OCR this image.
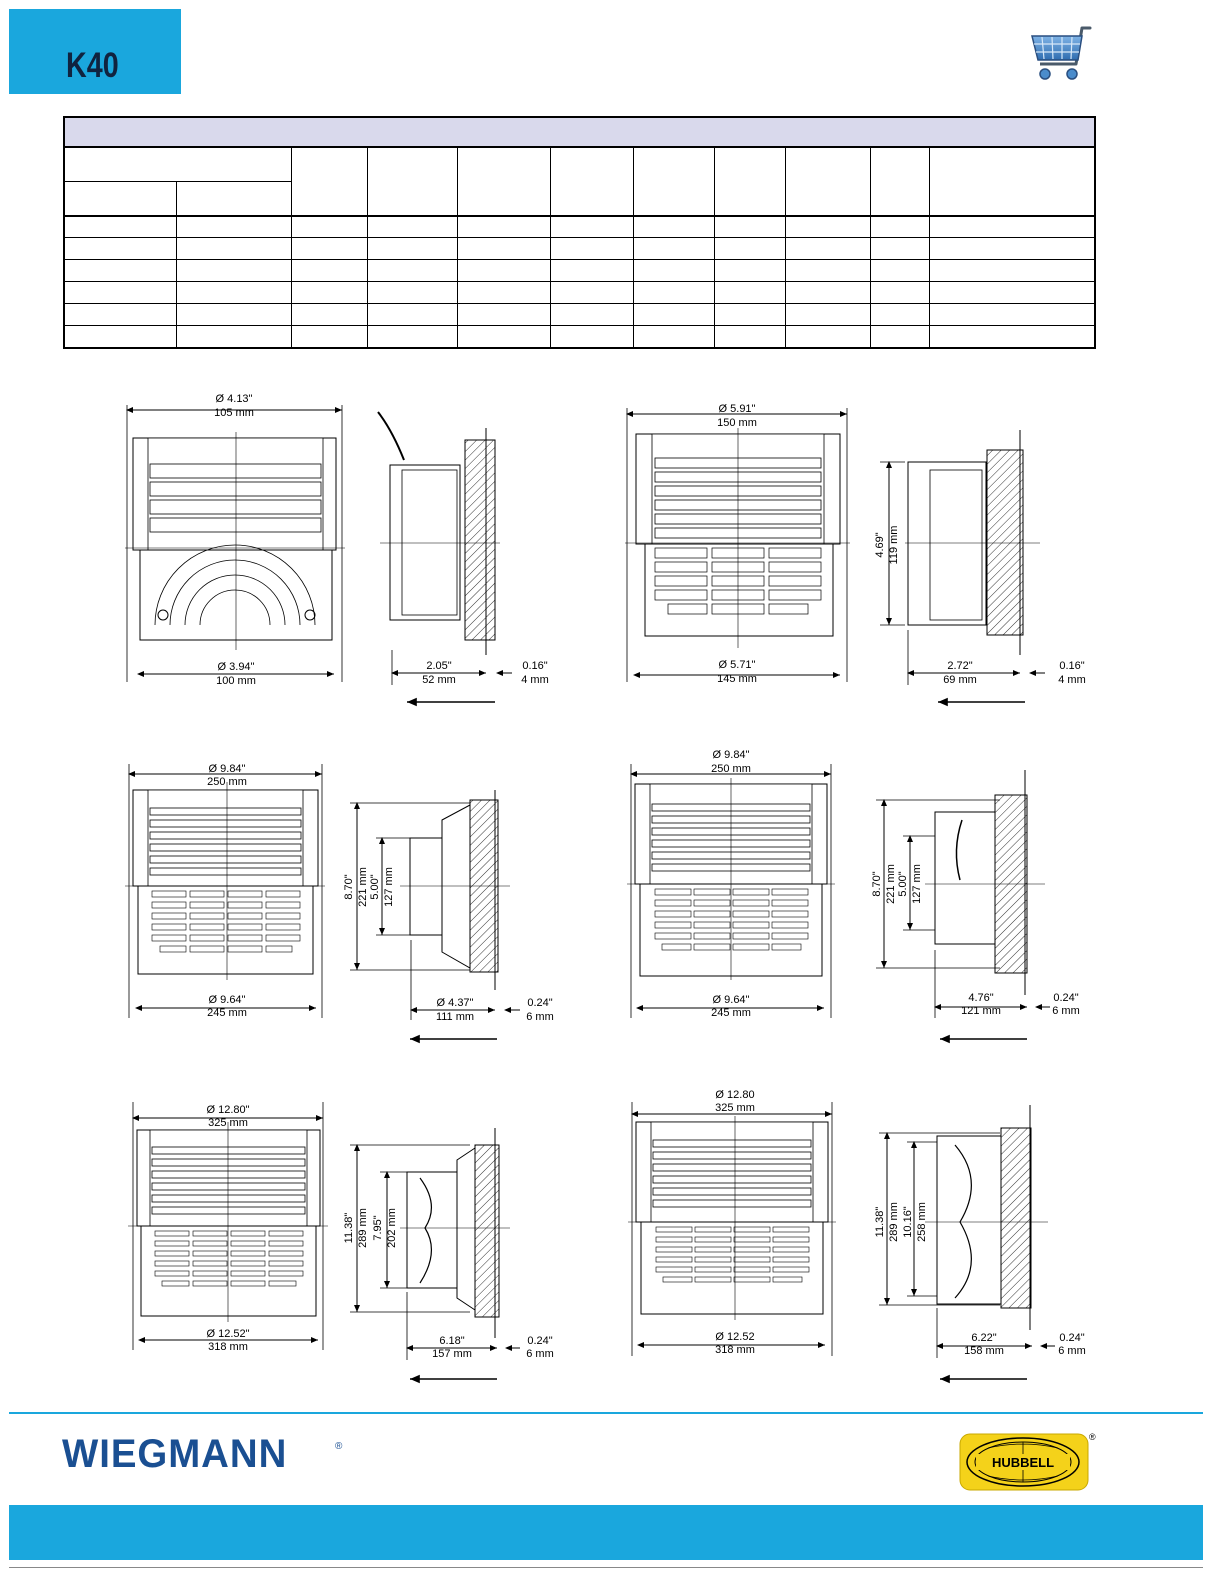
K40
Ø 4.13"
105 mm
Ø 3.94"
100 mm
2.05"
52 mm
0.16"
4 mm
Ø 5.91"
150 mm
Ø 5.71"
145 mm
4.69" 119 mm
2.72"
69 mm
0.16"
4 mm
Ø 9.84"
250 mm
Ø 9.64"
245 mm
8.70" 221 mm 5.00" 127 mm
Ø 4.37"
111 mm
0.24"
6 mm
Ø 9.84"
250 mm
Ø 9.64"
245 mm
8.70" 221 mm 5.00" 127 mm
4.76"
121 mm
0.24"
6 mm
Ø 12.80"
325 mm
Ø 12.52"
318 mm
11.38" 289 mm 7.95" 202 mm
6.18"
157 mm
0.24"
6 mm
Ø 12.80
325 mm
Ø 12.52
318 mm
11.38" 289 mm 10.16" 258 mm
6.22"
158 mm
0.24"
6 mm
WIEGMANN	®
HUBBELL
®
